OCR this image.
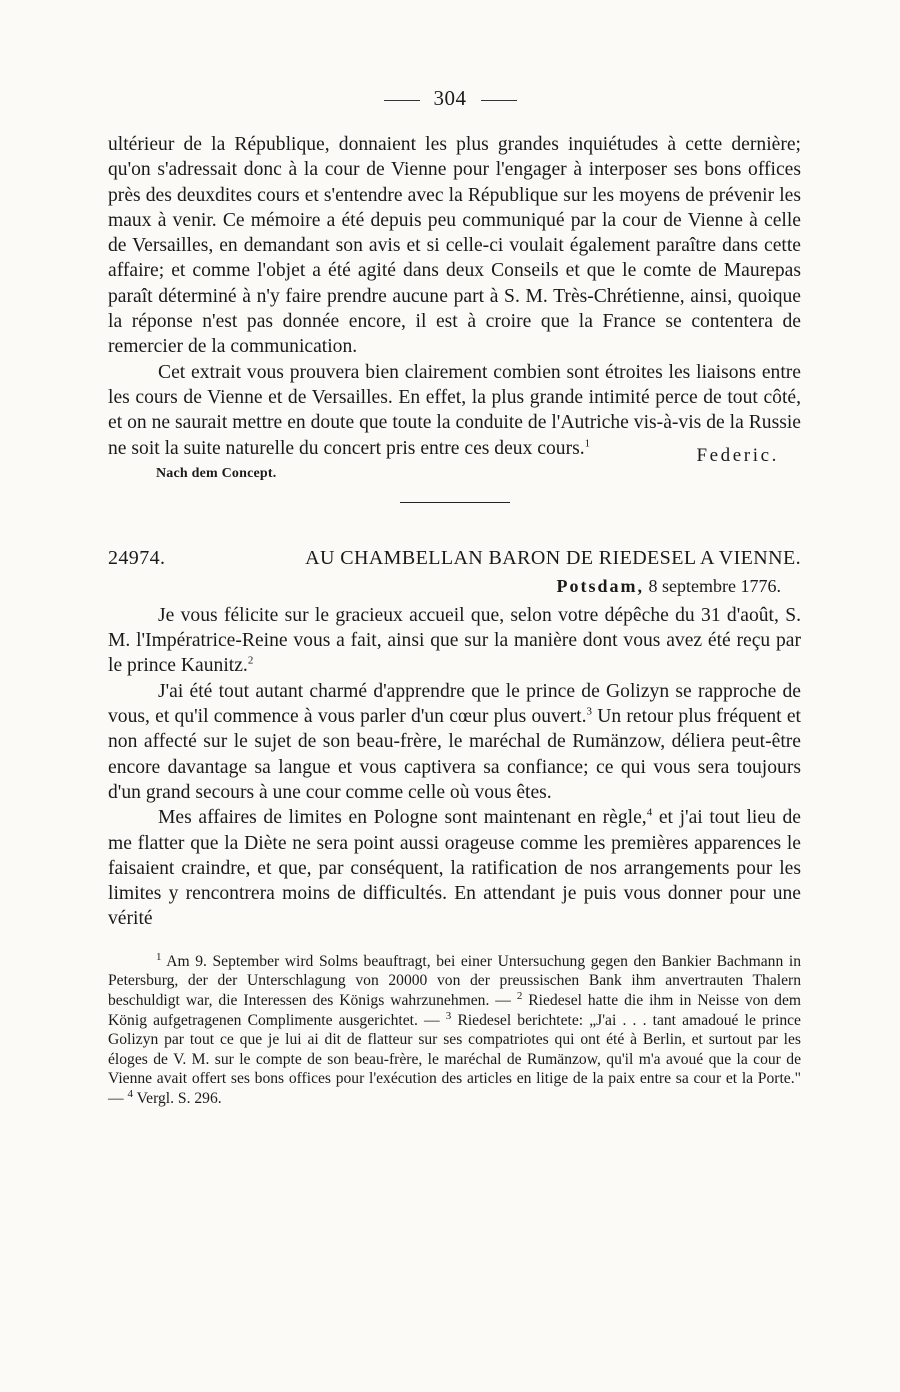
304

ultérieur de la République, donnaient les plus grandes inquiétudes à cette dernière; qu'on s'adressait donc à la cour de Vienne pour l'engager à interposer ses bons offices près des deuxdites cours et s'entendre avec la République sur les moyens de prévenir les maux à venir. Ce mémoire a été depuis peu communiqué par la cour de Vienne à celle de Versailles, en demandant son avis et si celle-ci voulait également paraître dans cette affaire; et comme l'objet a été agité dans deux Conseils et que le comte de Maurepas paraît déterminé à n'y faire prendre aucune part à S. M. Très-Chrétienne, ainsi, quoique la réponse n'est pas donnée encore, il est à croire que la France se contentera de remercier de la communication.

Cet extrait vous prouvera bien clairement combien sont étroites les liaisons entre les cours de Vienne et de Versailles. En effet, la plus grande intimité perce de tout côté, et on ne saurait mettre en doute que toute la conduite de l'Autriche vis-à-vis de la Russie ne soit la suite naturelle du concert pris entre ces deux cours.$^1$

Federic.
Nach dem Concept.
24974.	AU CHAMBELLAN BARON DE RIEDESEL A VIENNE.
Potsdam, 8 septembre 1776.

Je vous félicite sur le gracieux accueil que, selon votre dépêche du 31 d'août, S. M. l'Impératrice-Reine vous a fait, ainsi que sur la manière dont vous avez été reçu par le prince Kaunitz.$^2$

J'ai été tout autant charmé d'apprendre que le prince de Golizyn se rapproche de vous, et qu'il commence à vous parler d'un cœur plus ouvert.$^3$ Un retour plus fréquent et non affecté sur le sujet de son beau-frère, le maréchal de Rumänzow, déliera peut-être encore davantage sa langue et vous captivera sa confiance; ce qui vous sera toujours d'un grand secours à une cour comme celle où vous êtes.

Mes affaires de limites en Pologne sont maintenant en règle,$^4$ et j'ai tout lieu de me flatter que la Diète ne sera point aussi orageuse comme les premières apparences le faisaient craindre, et que, par conséquent, la ratification de nos arrangements pour les limites y rencontrera moins de difficultés. En attendant je puis vous donner pour une vérité

$^1$ Am 9. September wird Solms beauftragt, bei einer Untersuchung gegen den Bankier Bachmann in Petersburg, der der Unterschlagung von 20000 von der preussischen Bank ihm anvertrauten Thalern beschuldigt war, die Interessen des Königs wahrzunehmen. — $^2$ Riedesel hatte die ihm in Neisse von dem König aufgetragenen Complimente ausgerichtet. — $^3$ Riedesel berichtete: „J'ai . . . tant amadoué le prince Golizyn par tout ce que je lui ai dit de flatteur sur ses compatriotes qui ont été à Berlin, et surtout par les éloges de V. M. sur le compte de son beau-frère, le maréchal de Rumänzow, qu'il m'a avoué que la cour de Vienne avait offert ses bons offices pour l'exécution des articles en litige de la paix entre sa cour et la Porte." — $^4$ Vergl. S. 296.
